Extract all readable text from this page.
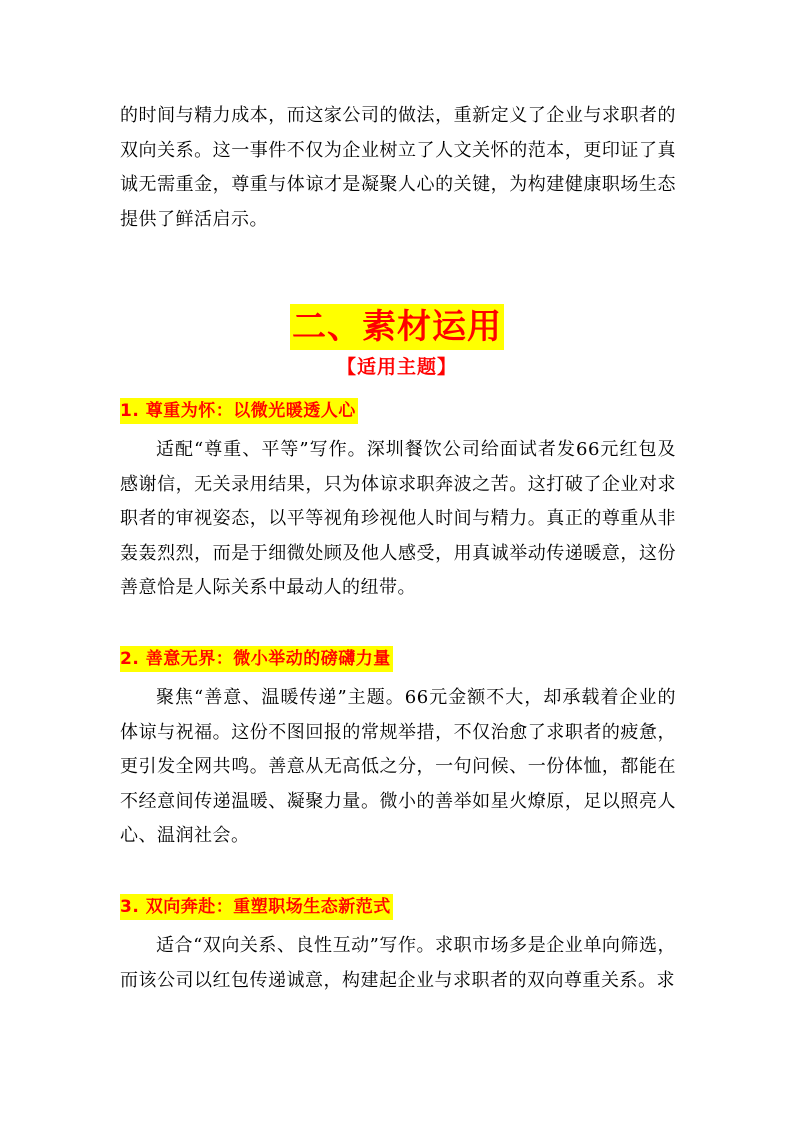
的时间与精力成本，而这家公司的做法，重新定义了企业与求职者的双向关系。这一事件不仅为企业树立了人文关怀的范本，更印证了真诚无需重金，尊重与体谅才是凝聚人心的关键，为构建健康职场生态提供了鲜活启示。

二、素材运用
【适用主题】
1. 尊重为怀：以微光暖透人心

适配“尊重、平等”写作。深圳餐饮公司给面试者发66元红包及感谢信，无关录用结果，只为体谅求职奔波之苦。这打破了企业对求职者的审视姿态，以平等视角珍视他人时间与精力。真正的尊重从非轰轰烈烈，而是于细微处顾及他人感受，用真诚举动传递暖意，这份善意恰是人际关系中最动人的纽带。

2. 善意无界：微小举动的磅礴力量

聚焦“善意、温暖传递”主题。66元金额不大，却承载着企业的体谅与祝福。这份不图回报的常规举措，不仅治愈了求职者的疲惫，更引发全网共鸣。善意从无高低之分，一句问候、一份体恤，都能在不经意间传递温暖、凝聚力量。微小的善举如星火燎原，足以照亮人心、温润社会。

3. 双向奔赴：重塑职场生态新范式

适合“双向关系、良性互动”写作。求职市场多是企业单向筛选，而该公司以红包传递诚意，构建起企业与求职者的双向尊重关系。求
